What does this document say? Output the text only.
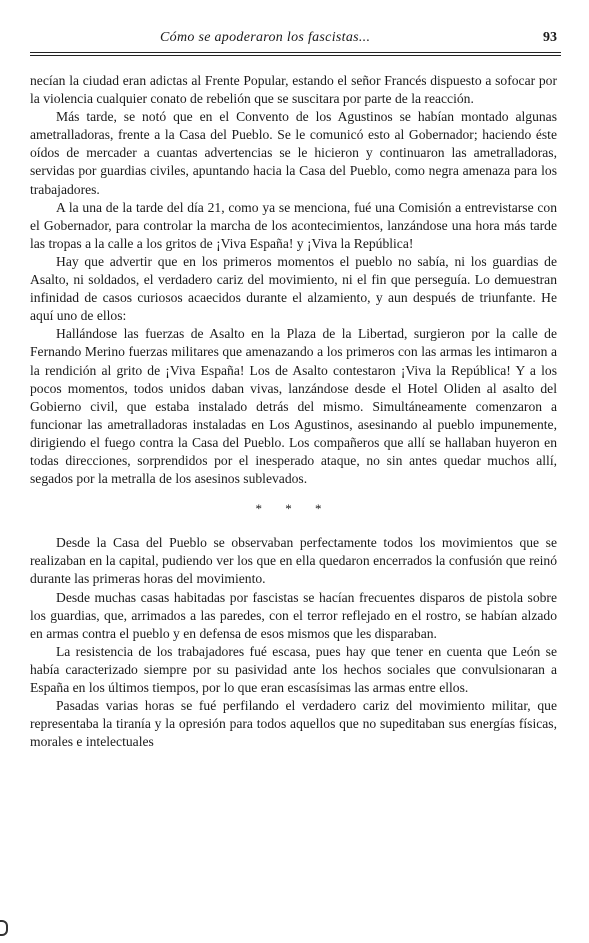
Cómo se apoderaron los fascistas...	93

necían la ciudad eran adictas al Frente Popular, estando el señor Francés dispuesto a sofocar por la violencia cualquier conato de rebelión que se suscitara por parte de la reacción.

Más tarde, se notó que en el Convento de los Agustinos se habían montado algunas ametralladoras, frente a la Casa del Pueblo. Se le comunicó esto al Gobernador; haciendo éste oídos de mercader a cuantas advertencias se le hicieron y continuaron las ametralladoras, servidas por guardias civiles, apuntando hacia la Casa del Pueblo, como negra amenaza para los trabajadores.

A la una de la tarde del día 21, como ya se menciona, fué una Comisión a entrevistarse con el Gobernador, para controlar la marcha de los acontecimientos, lanzándose una hora más tarde las tropas a la calle a los gritos de ¡Viva España! y ¡Viva la República!

Hay que advertir que en los primeros momentos el pueblo no sabía, ni los guardias de Asalto, ni soldados, el verdadero cariz del movimiento, ni el fin que perseguía. Lo demuestran infinidad de casos curiosos acaecidos durante el alzamiento, y aun después de triunfante. He aquí uno de ellos:

Hallándose las fuerzas de Asalto en la Plaza de la Libertad, surgieron por la calle de Fernando Merino fuerzas militares que amenazando a los primeros con las armas les intimaron a la rendición al grito de ¡Viva España! Los de Asalto contestaron ¡Viva la República! Y a los pocos momentos, todos unidos daban vivas, lanzándose desde el Hotel Oliden al asalto del Gobierno civil, que estaba instalado detrás del mismo. Simultáneamente comenzaron a funcionar las ametralladoras instaladas en Los Agustinos, asesinando al pueblo impunemente, dirigiendo el fuego contra la Casa del Pueblo. Los compañeros que allí se hallaban huyeron en todas direcciones, sorprendidos por el inesperado ataque, no sin antes quedar muchos allí, segados por la metralla de los asesinos sublevados.

* * *

Desde la Casa del Pueblo se observaban perfectamente todos los movimientos que se realizaban en la capital, pudiendo ver los que en ella quedaron encerrados la confusión que reinó durante las primeras horas del movimiento.

Desde muchas casas habitadas por fascistas se hacían frecuentes disparos de pistola sobre los guardias, que, arrimados a las paredes, con el terror reflejado en el rostro, se habían alzado en armas contra el pueblo y en defensa de esos mismos que les disparaban.

La resistencia de los trabajadores fué escasa, pues hay que tener en cuenta que León se había caracterizado siempre por su pasividad ante los hechos sociales que convulsionaran a España en los últimos tiempos, por lo que eran escasísimas las armas entre ellos.

Pasadas varias horas se fué perfilando el verdadero cariz del movimiento militar, que representaba la tiranía y la opresión para todos aquellos que no supeditaban sus energías físicas, morales e intelectuales
